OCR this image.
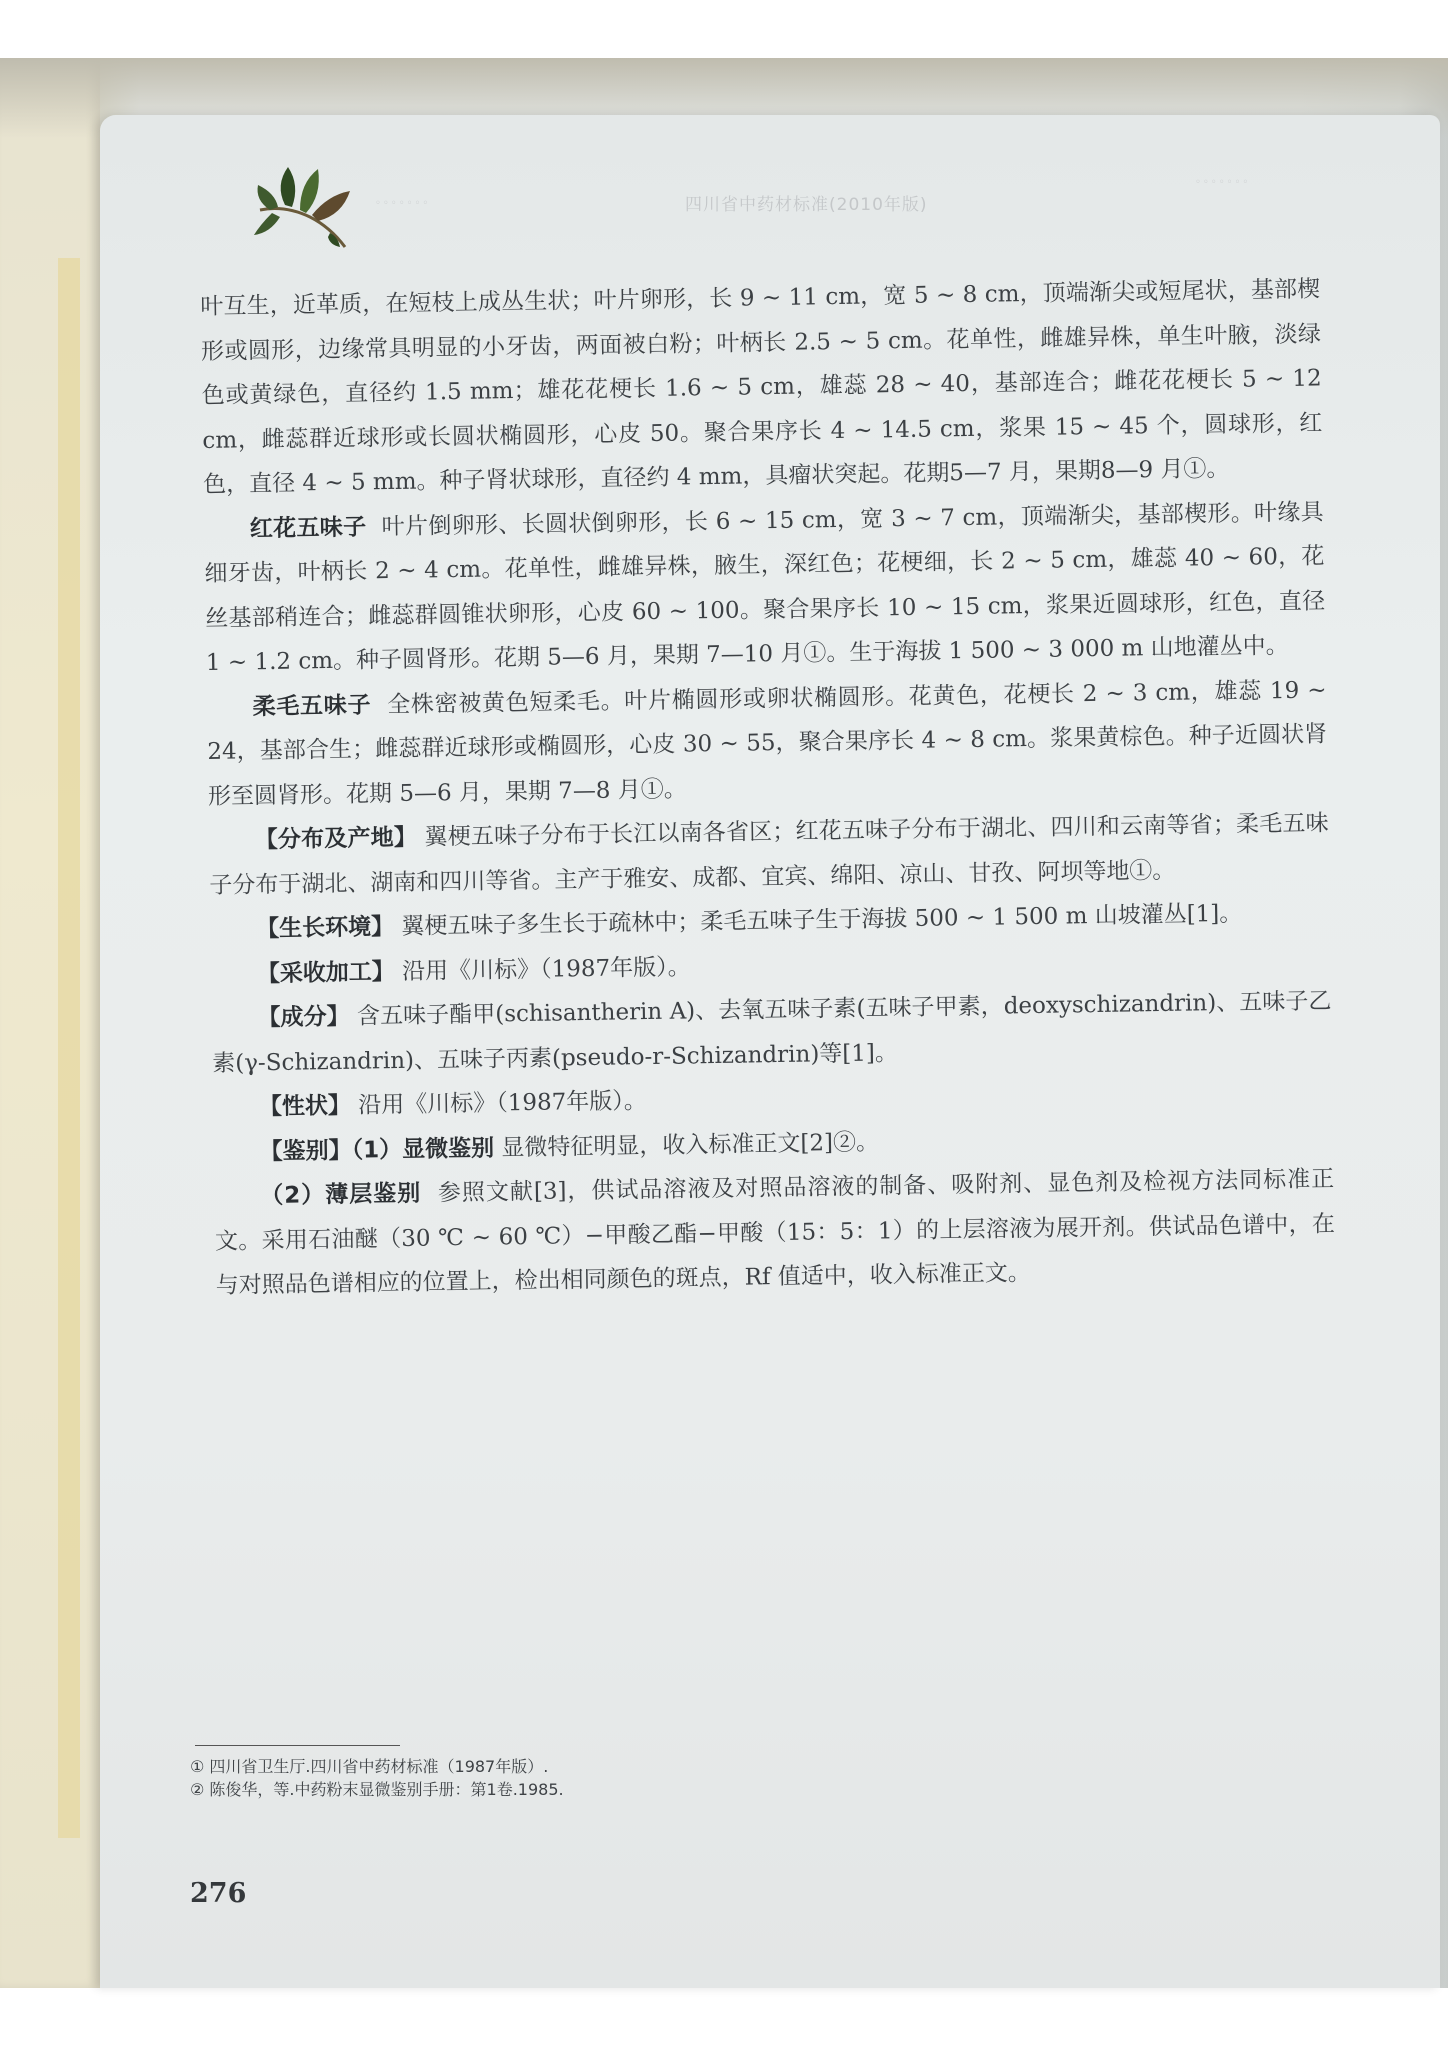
◦◦◦◦◦◦◦	四川省中药材标准(2010年版)
◦◦◦◦◦◦◦

叶互生，近革质，在短枝上成丛生状；叶片卵形，长 9 ~ 11 cm，宽 5 ~ 8 cm，顶端渐尖或短尾状，基部楔形或圆形，边缘常具明显的小牙齿，两面被白粉；叶柄长 2.5 ~ 5 cm。花单性，雌雄异株，单生叶腋，淡绿色或黄绿色，直径约 1.5 mm；雄花花梗长 1.6 ~ 5 cm，雄蕊 28 ~ 40，基部连合；雌花花梗长 5 ~ 12 cm，雌蕊群近球形或长圆状椭圆形，心皮 50。聚合果序长 4 ~ 14.5 cm，浆果 15 ~ 45 个，圆球形，红色，直径 4 ~ 5 mm。种子肾状球形，直径约 4 mm，具瘤状突起。花期5—7 月，果期8—9 月①。

红花五味子 叶片倒卵形、长圆状倒卵形，长 6 ~ 15 cm，宽 3 ~ 7 cm，顶端渐尖，基部楔形。叶缘具细牙齿，叶柄长 2 ~ 4 cm。花单性，雌雄异株，腋生，深红色；花梗细，长 2 ~ 5 cm，雄蕊 40 ~ 60，花丝基部稍连合；雌蕊群圆锥状卵形，心皮 60 ~ 100。聚合果序长 10 ~ 15 cm，浆果近圆球形，红色，直径 1 ~ 1.2 cm。种子圆肾形。花期 5—6 月，果期 7—10 月①。生于海拔 1 500 ~ 3 000 m 山地灌丛中。

柔毛五味子 全株密被黄色短柔毛。叶片椭圆形或卵状椭圆形。花黄色，花梗长 2 ~ 3 cm，雄蕊 19 ~ 24，基部合生；雌蕊群近球形或椭圆形，心皮 30 ~ 55，聚合果序长 4 ~ 8 cm。浆果黄棕色。种子近圆状肾形至圆肾形。花期 5—6 月，果期 7—8 月①。

【分布及产地】 翼梗五味子分布于长江以南各省区；红花五味子分布于湖北、四川和云南等省；柔毛五味子分布于湖北、湖南和四川等省。主产于雅安、成都、宜宾、绵阳、凉山、甘孜、阿坝等地①。

【生长环境】 翼梗五味子多生长于疏林中；柔毛五味子生于海拔 500 ~ 1 500 m 山坡灌丛[1]。

【采收加工】 沿用《川标》（1987年版）。

【成分】 含五味子酯甲(schisantherin A)、去氧五味子素(五味子甲素，deoxyschizandrin)、五味子乙素(γ-Schizandrin)、五味子丙素(pseudo-r-Schizandrin)等[1]。

【性状】 沿用《川标》（1987年版）。

【鉴别】（1）显微鉴别 显微特征明显，收入标准正文[2]②。

（2）薄层鉴别 参照文献[3]，供试品溶液及对照品溶液的制备、吸附剂、显色剂及检视方法同标准正文。采用石油醚（30 ℃ ~ 60 ℃）−甲酸乙酯−甲酸（15：5：1）的上层溶液为展开剂。供试品色谱中，在与对照品色谱相应的位置上，检出相同颜色的斑点，Rf 值适中，收入标准正文。

① 四川省卫生厅.四川省中药材标准（1987年版）.
② 陈俊华，等.中药粉末显微鉴别手册：第1卷.1985.
276
